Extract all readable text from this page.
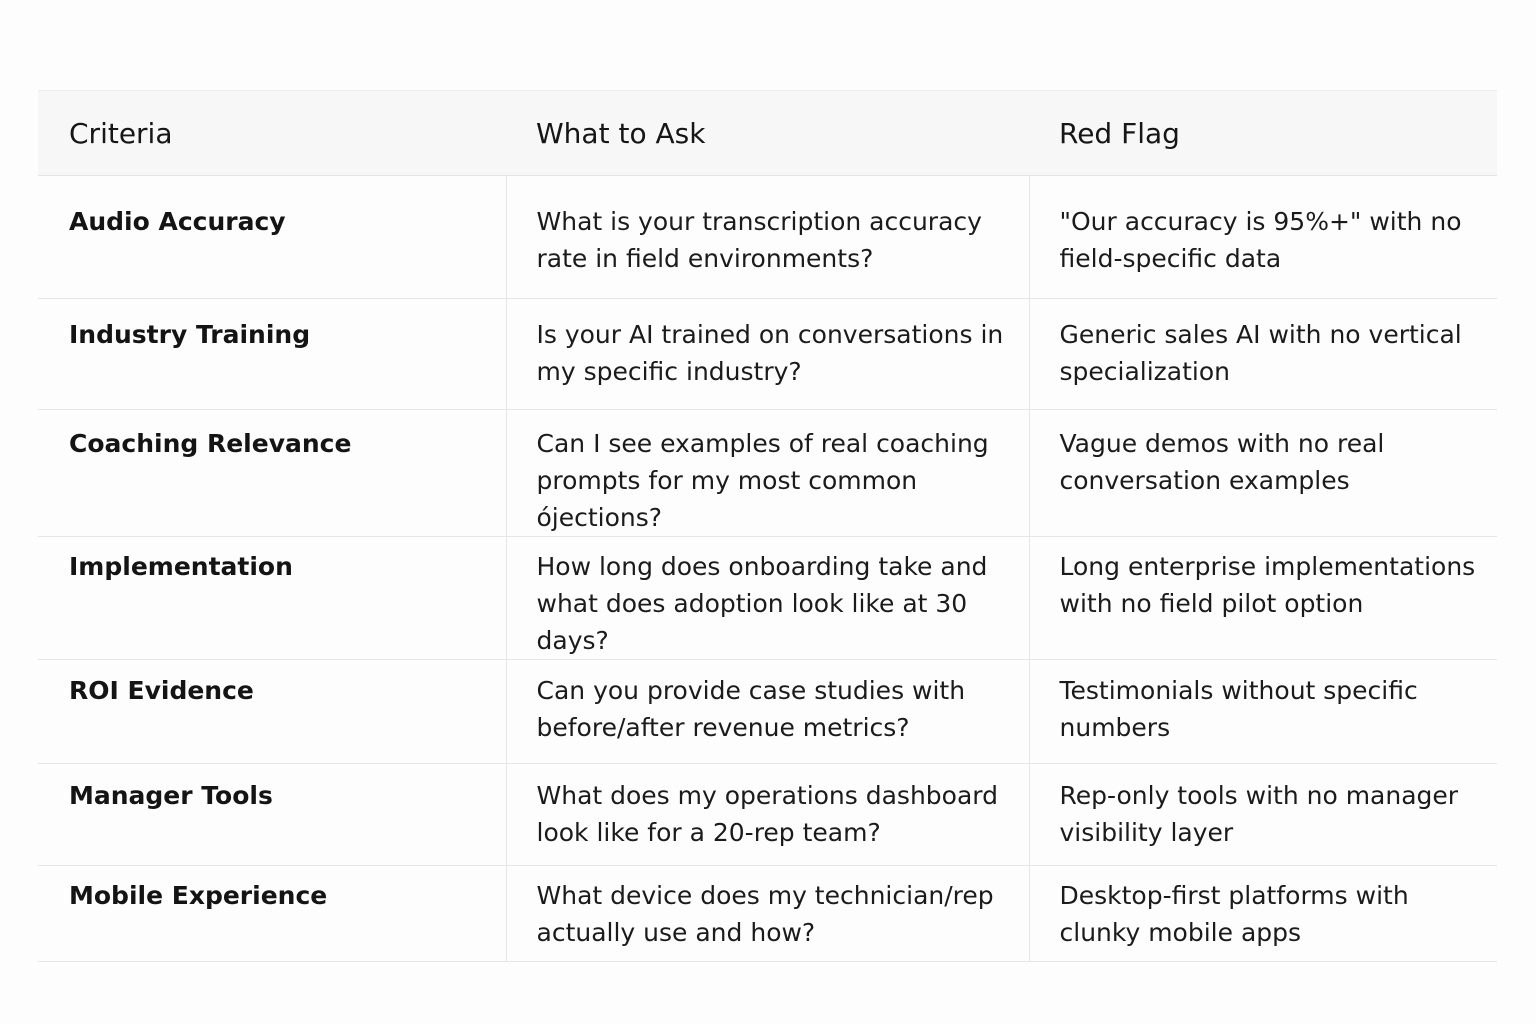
Criteria	What to Ask	Red Flag
Audio Accuracy	What is your transcription accuracy rate in field environments?	"Our accuracy is 95%+" with no field-specific data
Industry Training	Is your AI trained on conversations in my specific industry?	Generic sales AI with no vertical specialization
Coaching Relevance	Can I see examples of real coaching prompts for my most common ójections?	Vague demos with no real conversation examples
Implementation	How long does onboarding take and what does adoption look like at 30 days?	Long enterprise implementations with no field pilot option
ROI Evidence	Can you provide case studies with before/after revenue metrics?	Testimonials without specific numbers
Manager Tools	What does my operations dashboard look like for a 20-rep team?	Rep-only tools with no manager visibility layer
Mobile Experience	What device does my technician/rep actually use and how?	Desktop-first platforms with clunky mobile apps
